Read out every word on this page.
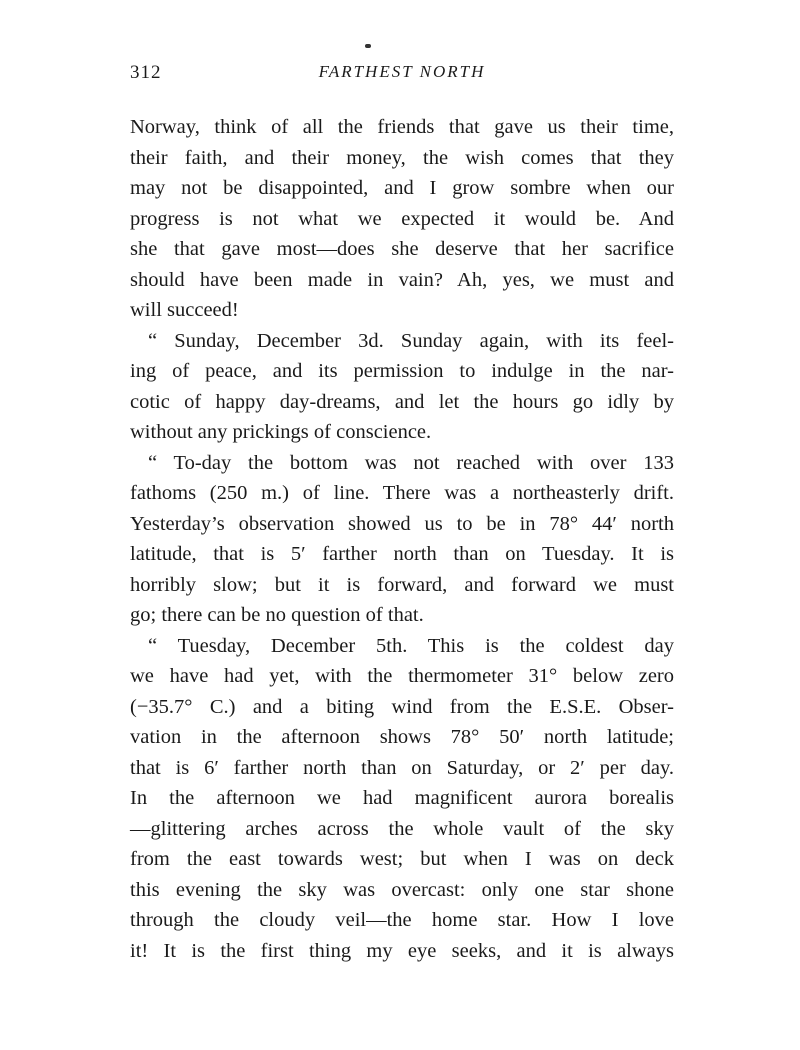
312	FARTHEST NORTH
Norway, think of all the friends that gave us their time,
their faith, and their money, the wish comes that they
may not be disappointed, and I grow sombre when our
progress is not what we expected it would be. And
she that gave most—does she deserve that her sacrifice
should have been made in vain? Ah, yes, we must and
will succeed!
“ Sunday, December 3d. Sunday again, with its feel-
ing of peace, and its permission to indulge in the nar-
cotic of happy day-dreams, and let the hours go idly by
without any prickings of conscience.
“ To-day the bottom was not reached with over 133
fathoms (250 m.) of line. There was a northeasterly drift.
Yesterday’s observation showed us to be in 78° 44′ north
latitude, that is 5′ farther north than on Tuesday. It is
horribly slow; but it is forward, and forward we must
go; there can be no question of that.
“ Tuesday, December 5th. This is the coldest day
we have had yet, with the thermometer 31° below zero
(−35.7° C.) and a biting wind from the E.S.E. Obser-
vation in the afternoon shows 78° 50′ north latitude;
that is 6′ farther north than on Saturday, or 2′ per day.
In the afternoon we had magnificent aurora borealis
—glittering arches across the whole vault of the sky
from the east towards west; but when I was on deck
this evening the sky was overcast: only one star shone
through the cloudy veil—the home star. How I love
it! It is the first thing my eye seeks, and it is always
